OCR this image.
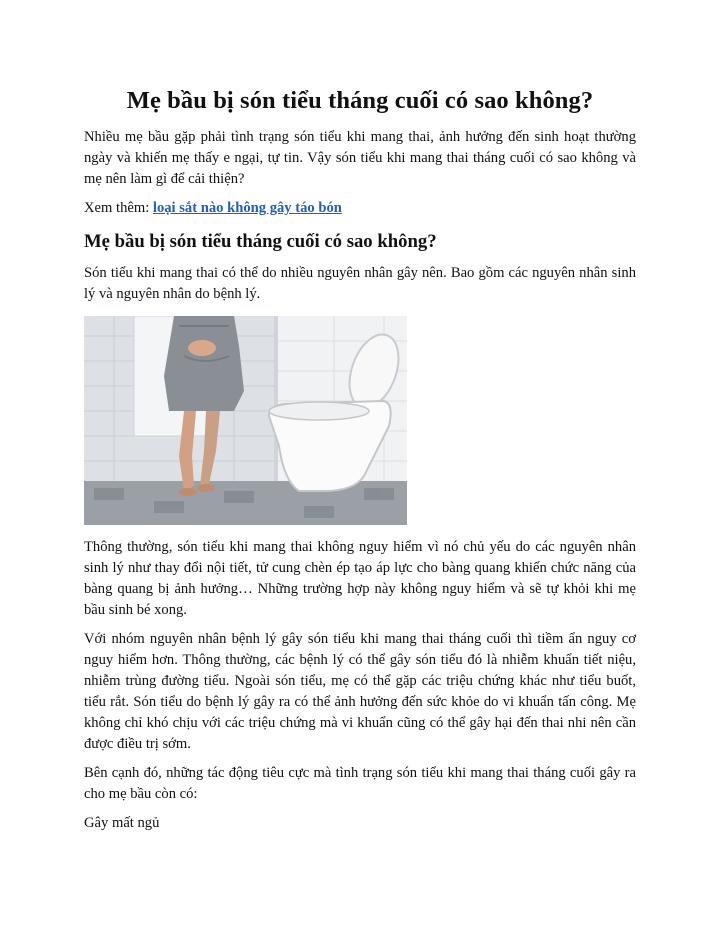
Mẹ bầu bị són tiểu tháng cuối có sao không?

Nhiều mẹ bầu gặp phải tình trạng són tiểu khi mang thai, ảnh hưởng đến sinh hoạt thường ngày và khiến mẹ thấy e ngại, tự tin. Vậy són tiểu khi mang thai tháng cuối có sao không và mẹ nên làm gì để cải thiện?

Xem thêm: loại sắt nào không gây táo bón

Mẹ bầu bị són tiểu tháng cuối có sao không?

Són tiểu khi mang thai có thể do nhiều nguyên nhân gây nên. Bao gồm các nguyên nhân sinh lý và nguyên nhân do bệnh lý.

Thông thường, són tiểu khi mang thai không nguy hiểm vì nó chủ yếu do các nguyên nhân sinh lý như thay đổi nội tiết, tử cung chèn ép tạo áp lực cho bàng quang khiến chức năng của bàng quang bị ảnh hưởng… Những trường hợp này không nguy hiểm và sẽ tự khỏi khi mẹ bầu sinh bé xong.

Với nhóm nguyên nhân bệnh lý gây són tiểu khi mang thai tháng cuối thì tiềm ẩn nguy cơ nguy hiểm hơn. Thông thường, các bệnh lý có thể gây són tiểu đó là nhiễm khuẩn tiết niệu, nhiễm trùng đường tiểu. Ngoài són tiểu, mẹ có thể gặp các triệu chứng khác như tiểu buốt, tiểu rắt. Són tiểu do bệnh lý gây ra có thể ảnh hưởng đến sức khỏe do vi khuẩn tấn công. Mẹ không chỉ khó chịu với các triệu chứng mà vi khuẩn cũng có thể gây hại đến thai nhi nên cần được điều trị sớm.

Bên cạnh đó, những tác động tiêu cực mà tình trạng són tiểu khi mang thai tháng cuối gây ra cho mẹ bầu còn có:

Gây mất ngủ
